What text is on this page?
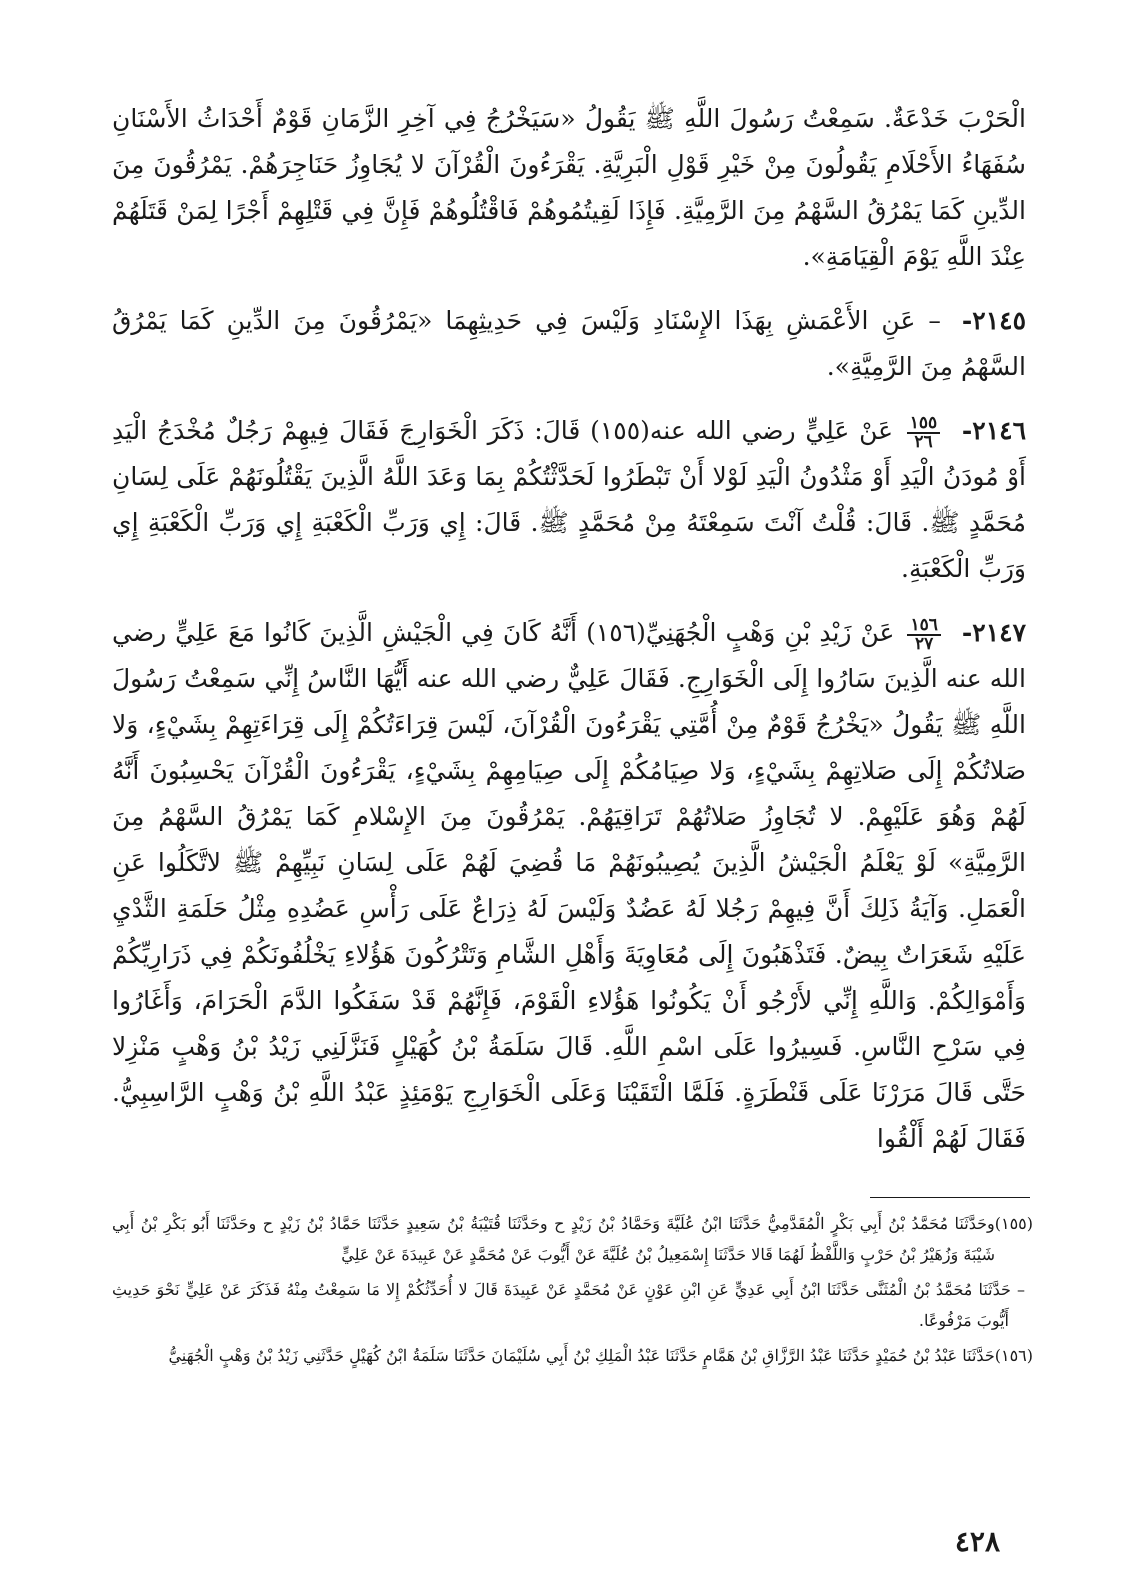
الْحَرْبَ خَدْعَةٌ. سَمِعْتُ رَسُولَ اللَّهِ ﷺ يَقُولُ «سَيَخْرُجُ فِي آخِرِ الزَّمَانِ قَوْمٌ أَحْدَاثُ الأَسْنَانِ سُفَهَاءُ الأَحْلَامِ يَقُولُونَ مِنْ خَيْرِ قَوْلِ الْبَرِيَّةِ. يَقْرَءُونَ الْقُرْآنَ لا يُجَاوِزُ حَنَاجِرَهُمْ. يَمْرُقُونَ مِنَ الدِّينِ كَمَا يَمْرُقُ السَّهْمُ مِنَ الرَّمِيَّةِ. فَإِذَا لَقِيتُمُوهُمْ فَاقْتُلُوهُمْ فَإِنَّ فِي قَتْلِهِمْ أَجْرًا لِمَنْ قَتَلَهُمْ عِنْدَ اللَّهِ يَوْمَ الْقِيَامَةِ».

٢١٤٥- – عَنِ الأَعْمَشِ بِهَذَا الإِسْنَادِ وَلَيْسَ فِي حَدِيثِهِمَا «يَمْرُقُونَ مِنَ الدِّينِ كَمَا يَمْرُقُ السَّهْمُ مِنَ الرَّمِيَّةِ».

٢١٤٦-
$\frac{١٥٥}{٢٦}$
عَنْ عَلِيٍّ رضي الله عنه(١٥٥) قَالَ: ذَكَرَ الْخَوَارِجَ فَقَالَ فِيهِمْ رَجُلٌ مُخْدَجُ الْيَدِ أَوْ مُودَنُ الْيَدِ أَوْ مَثْدُونُ الْيَدِ لَوْلا أَنْ تَبْطَرُوا لَحَدَّثْتُكُمْ بِمَا وَعَدَ اللَّهُ الَّذِينَ يَقْتُلُونَهُمْ عَلَى لِسَانِ مُحَمَّدٍ ﷺ. قَالَ: قُلْتُ آنْتَ سَمِعْتَهُ مِنْ مُحَمَّدٍ ﷺ. قَالَ: إِي وَرَبِّ الْكَعْبَةِ إِي وَرَبِّ الْكَعْبَةِ إِي وَرَبِّ الْكَعْبَةِ.

٢١٤٧-
$\frac{١٥٦}{٢٧}$
عَنْ زَيْدِ بْنِ وَهْبٍ الْجُهَنِيِّ(١٥٦) أَنَّهُ كَانَ فِي الْجَيْشِ الَّذِينَ كَانُوا مَعَ عَلِيٍّ رضي الله عنه الَّذِينَ سَارُوا إِلَى الْخَوَارِجِ. فَقَالَ عَلِيٌّ رضي الله عنه أَيُّهَا النَّاسُ إِنِّي سَمِعْتُ رَسُولَ اللَّهِ ﷺ يَقُولُ «يَخْرُجُ قَوْمٌ مِنْ أُمَّتِي يَقْرَءُونَ الْقُرْآنَ، لَيْسَ قِرَاءَتُكُمْ إِلَى قِرَاءَتِهِمْ بِشَيْءٍ، وَلا صَلاتُكُمْ إِلَى صَلاتِهِمْ بِشَيْءٍ، وَلا صِيَامُكُمْ إِلَى صِيَامِهِمْ بِشَيْءٍ، يَقْرَءُونَ الْقُرْآنَ يَحْسِبُونَ أَنَّهُ لَهُمْ وَهُوَ عَلَيْهِمْ. لا تُجَاوِزُ صَلاتُهُمْ تَرَاقِيَهُمْ. يَمْرُقُونَ مِنَ الإِسْلامِ كَمَا يَمْرُقُ السَّهْمُ مِنَ الرَّمِيَّةِ» لَوْ يَعْلَمُ الْجَيْشُ الَّذِينَ يُصِيبُونَهُمْ مَا قُضِيَ لَهُمْ عَلَى لِسَانِ نَبِيِّهِمْ ﷺ لاتَّكَلُوا عَنِ الْعَمَلِ. وَآيَةُ ذَلِكَ أَنَّ فِيهِمْ رَجُلا لَهُ عَضُدٌ وَلَيْسَ لَهُ ذِرَاعٌ عَلَى رَأْسِ عَضُدِهِ مِثْلُ حَلَمَةِ الثَّدْيِ عَلَيْهِ شَعَرَاتٌ بِيضٌ. فَتَذْهَبُونَ إِلَى مُعَاوِيَةَ وَأَهْلِ الشَّامِ وَتَتْرُكُونَ هَؤُلاءِ يَخْلُفُونَكُمْ فِي ذَرَارِيِّكُمْ وَأَمْوَالِكُمْ. وَاللَّهِ إِنِّي لأَرْجُو أَنْ يَكُونُوا هَؤُلاءِ الْقَوْمَ، فَإِنَّهُمْ قَدْ سَفَكُوا الدَّمَ الْحَرَامَ، وَأَغَارُوا فِي سَرْحِ النَّاسِ. فَسِيرُوا عَلَى اسْمِ اللَّهِ. قَالَ سَلَمَةُ بْنُ كُهَيْلٍ فَنَزَّلَنِي زَيْدُ بْنُ وَهْبٍ مَنْزِلا حَتَّى قَالَ مَرَرْنَا عَلَى قَنْطَرَةٍ. فَلَمَّا الْتَقَيْنَا وَعَلَى الْخَوَارِجِ يَوْمَئِذٍ عَبْدُ اللَّهِ بْنُ وَهْبٍ الرَّاسِبِيُّ. فَقَالَ لَهُمْ أَلْقُوا

(١٥٥)وحَدَّثَنَا مُحَمَّدُ بْنُ أَبِي بَكْرٍ الْمُقَدَّمِيُّ حَدَّثَنَا ابْنُ عُلَيَّةَ وَحَمَّادُ بْنُ زَيْدٍ ح وحَدَّثَنَا قُتَيْبَةُ بْنُ سَعِيدٍ حَدَّثَنَا حَمَّادُ بْنُ زَيْدٍ ح وحَدَّثَنَا أَبُو بَكْرِ بْنُ أَبِي شَيْبَةَ وَزُهَيْرُ بْنُ حَرْبٍ وَاللَّفْظُ لَهُمَا قَالا حَدَّثَنَا إِسْمَعِيلُ بْنُ عُلَيَّةَ عَنْ أَيُّوبَ عَنْ مُحَمَّدٍ عَنْ عَبِيدَةَ عَنْ عَلِيٍّ
– حَدَّثَنَا مُحَمَّدُ بْنُ الْمُثَنَّى حَدَّثَنَا ابْنُ أَبِي عَدِيٍّ عَنِ ابْنِ عَوْنٍ عَنْ مُحَمَّدٍ عَنْ عَبِيدَةَ قَالَ لا أُحَدِّثُكُمْ إِلا مَا سَمِعْتُ مِنْهُ فَذَكَرَ عَنْ عَلِيٍّ نَحْوَ حَدِيثِ أَيُّوبَ مَرْفُوعًا.
(١٥٦)حَدَّثَنَا عَبْدُ بْنُ حُمَيْدٍ حَدَّثَنَا عَبْدُ الرَّزَّاقِ بْنُ هَمَّامٍ حَدَّثَنَا عَبْدُ الْمَلِكِ بْنُ أَبِي سُلَيْمَانَ حَدَّثَنَا سَلَمَةُ ابْنُ كُهَيْلٍ حَدَّثَنِي زَيْدُ بْنُ وَهْبٍ الْجُهَنِيُّ
٤٢٨
